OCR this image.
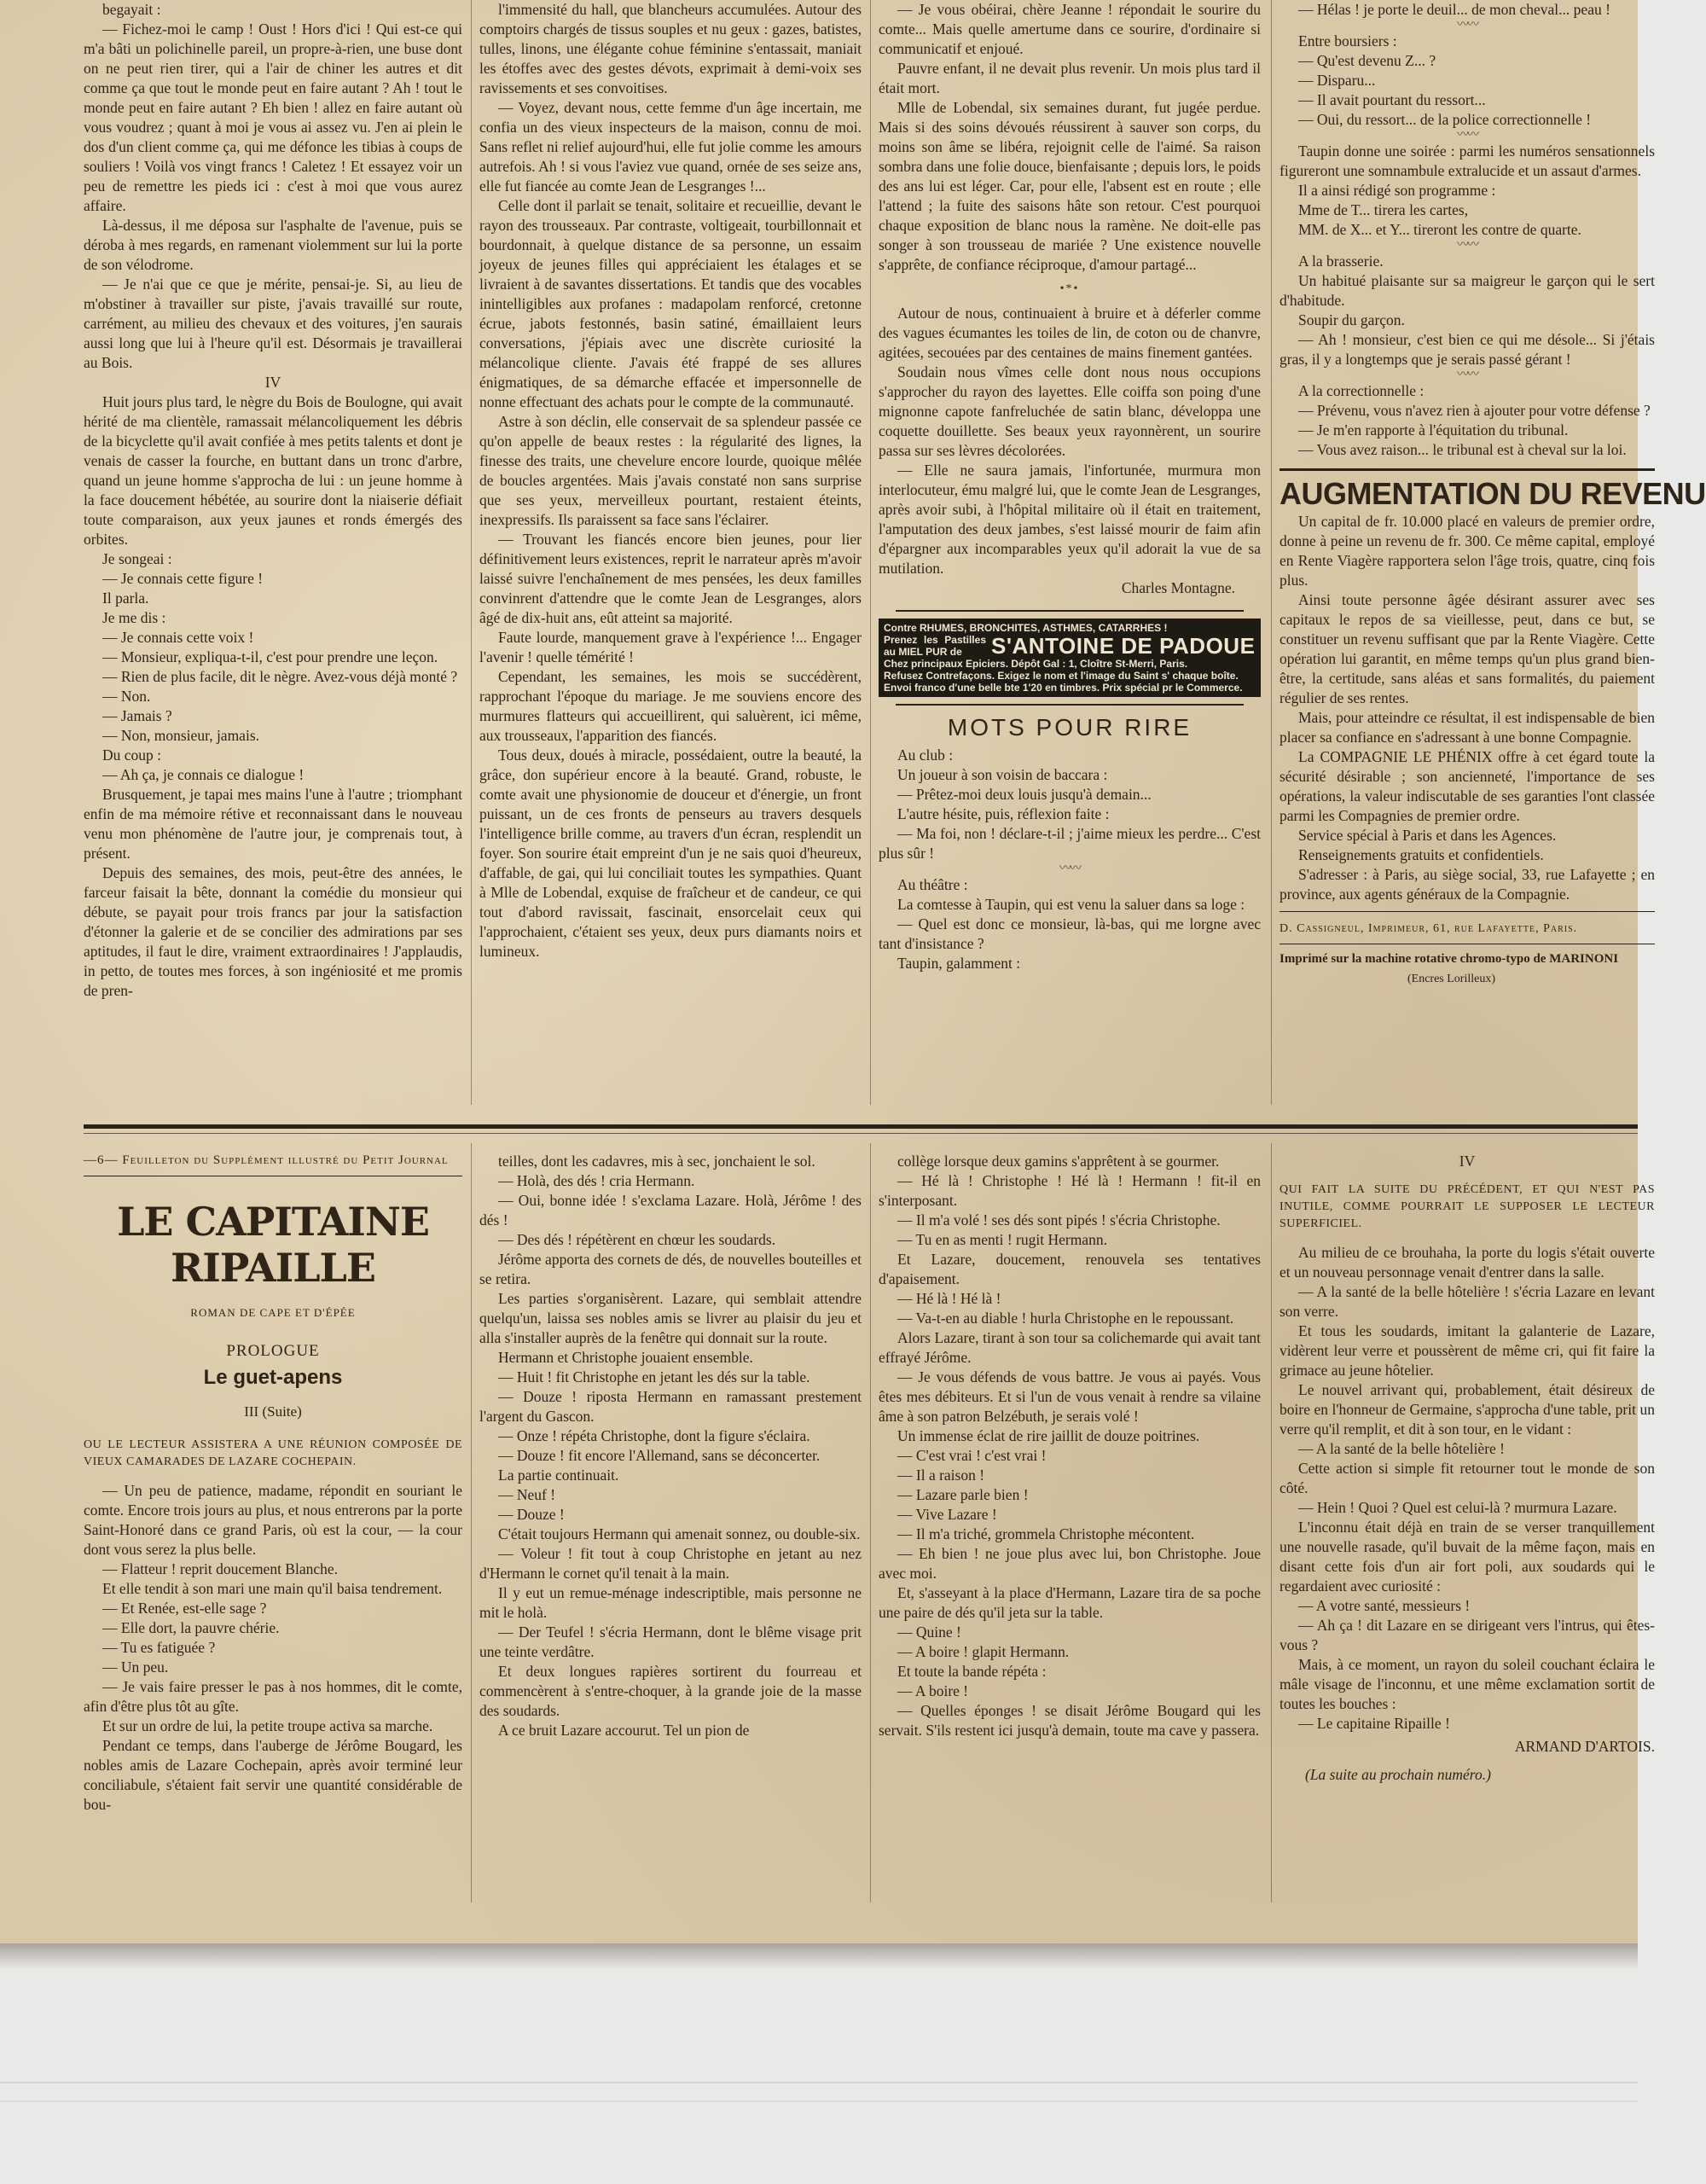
begayait :

— Fichez-moi le camp ! Oust ! Hors d'ici ! Qui est-ce qui m'a bâti un polichinelle pareil, un propre-à-rien, une buse dont on ne peut rien tirer, qui a l'air de chiner les autres et dit comme ça que tout le monde peut en faire autant ? Ah ! tout le monde peut en faire autant ? Eh bien ! allez en faire autant où vous voudrez ; quant à moi je vous ai assez vu. J'en ai plein le dos d'un client comme ça, qui me défonce les tibias à coups de souliers ! Voilà vos vingt francs ! Caletez ! Et essayez voir un peu de remettre les pieds ici : c'est à moi que vous aurez affaire.

Là-dessus, il me déposa sur l'asphalte de l'avenue, puis se déroba à mes regards, en ramenant violemment sur lui la porte de son vélodrome.

— Je n'ai que ce que je mérite, pensai-je. Si, au lieu de m'obstiner à travailler sur piste, j'avais travaillé sur route, carrément, au milieu des chevaux et des voitures, j'en saurais aussi long que lui à l'heure qu'il est. Désormais je travaillerai au Bois.

IV

Huit jours plus tard, le nègre du Bois de Boulogne, qui avait hérité de ma clientèle, ramassait mélancoliquement les débris de la bicyclette qu'il avait confiée à mes petits talents et dont je venais de casser la fourche, en buttant dans un tronc d'arbre, quand un jeune homme s'approcha de lui : un jeune homme à la face doucement hébétée, au sourire dont la niaiserie défiait toute comparaison, aux yeux jaunes et ronds émergés des orbites.

Je songeai :

— Je connais cette figure !

Il parla.

Je me dis :

— Je connais cette voix !

— Monsieur, expliqua-t-il, c'est pour prendre une leçon.

— Rien de plus facile, dit le nègre. Avez-vous déjà monté ?

— Non.

— Jamais ?

— Non, monsieur, jamais.

Du coup :

— Ah ça, je connais ce dialogue !

Brusquement, je tapai mes mains l'une à l'autre ; triomphant enfin de ma mémoire rétive et reconnaissant dans le nouveau venu mon phénomène de l'autre jour, je comprenais tout, à présent.

Depuis des semaines, des mois, peut-être des années, le farceur faisait la bête, donnant la comédie du monsieur qui débute, se payait pour trois francs par jour la satisfaction d'étonner la galerie et de se concilier des admirations par ses aptitudes, il faut le dire, vraiment extraordinaires ! J'applaudis, in petto, de toutes mes forces, à son ingéniosité et me promis de pren-

l'immensité du hall, que blancheurs accumulées. Autour des comptoirs chargés de tissus souples et nu geux : gazes, batistes, tulles, linons, une élégante cohue féminine s'entassait, maniait les étoffes avec des gestes dévots, exprimait à demi-voix ses ravissements et ses convoitises.

— Voyez, devant nous, cette femme d'un âge incertain, me confia un des vieux inspecteurs de la maison, connu de moi. Sans reflet ni relief aujourd'hui, elle fut jolie comme les amours autrefois. Ah ! si vous l'aviez vue quand, ornée de ses seize ans, elle fut fiancée au comte Jean de Lesgranges !...

Celle dont il parlait se tenait, solitaire et recueillie, devant le rayon des trousseaux. Par contraste, voltigeait, tourbillonnait et bourdonnait, à quelque distance de sa personne, un essaim joyeux de jeunes filles qui appréciaient les étalages et se livraient à de savantes dissertations. Et tandis que des vocables inintelligibles aux profanes : madapolam renforcé, cretonne écrue, jabots festonnés, basin satiné, émaillaient leurs conversations, j'épiais avec une discrète curiosité la mélancolique cliente. J'avais été frappé de ses allures énigmatiques, de sa démarche effacée et impersonnelle de nonne effectuant des achats pour le compte de la communauté.

Astre à son déclin, elle conservait de sa splendeur passée ce qu'on appelle de beaux restes : la régularité des lignes, la finesse des traits, une chevelure encore lourde, quoique mêlée de boucles argentées. Mais j'avais constaté non sans surprise que ses yeux, merveilleux pourtant, restaient éteints, inexpressifs. Ils paraissent sa face sans l'éclairer.

— Trouvant les fiancés encore bien jeunes, pour lier définitivement leurs existences, reprit le narrateur après m'avoir laissé suivre l'enchaînement de mes pensées, les deux familles convinrent d'attendre que le comte Jean de Lesgranges, alors âgé de dix-huit ans, eût atteint sa majorité.

Faute lourde, manquement grave à l'expérience !... Engager l'avenir ! quelle témérité !

Cependant, les semaines, les mois se succédèrent, rapprochant l'époque du mariage. Je me souviens encore des murmures flatteurs qui accueillirent, qui saluèrent, ici même, aux trousseaux, l'apparition des fiancés.

Tous deux, doués à miracle, possédaient, outre la beauté, la grâce, don supérieur encore à la beauté. Grand, robuste, le comte avait une physionomie de douceur et d'énergie, un front puissant, un de ces fronts de penseurs au travers desquels l'intelligence brille comme, au travers d'un écran, resplendit un foyer. Son sourire était empreint d'un je ne sais quoi d'heureux, d'affable, de gai, qui lui conciliait toutes les sympathies. Quant à Mlle de Lobendal, exquise de fraîcheur et de candeur, ce qui tout d'abord ravissait, fascinait, ensorcelait ceux qui l'approchaient, c'étaient ses yeux, deux purs diamants noirs et lumineux.

— Je vous obéirai, chère Jeanne ! répondait le sourire du comte... Mais quelle amertume dans ce sourire, d'ordinaire si communicatif et enjoué.

Pauvre enfant, il ne devait plus revenir. Un mois plus tard il était mort.

Mlle de Lobendal, six semaines durant, fut jugée perdue. Mais si des soins dévoués réussirent à sauver son corps, du moins son âme se libéra, rejoignit celle de l'aimé. Sa raison sombra dans une folie douce, bienfaisante ; depuis lors, le poids des ans lui est léger. Car, pour elle, l'absent est en route ; elle l'attend ; la fuite des saisons hâte son retour. C'est pourquoi chaque exposition de blanc nous la ramène. Ne doit-elle pas songer à son trousseau de mariée ? Une existence nouvelle s'apprête, de confiance réciproque, d'amour partagé...

•*•

Autour de nous, continuaient à bruire et à déferler comme des vagues écumantes les toiles de lin, de coton ou de chanvre, agitées, secouées par des centaines de mains finement gantées.

Soudain nous vîmes celle dont nous nous occupions s'approcher du rayon des layettes. Elle coiffa son poing d'une mignonne capote fanfreluchée de satin blanc, développa une coquette douillette. Ses beaux yeux rayonnèrent, un sourire passa sur ses lèvres décolorées.

— Elle ne saura jamais, l'infortunée, murmura mon interlocuteur, ému malgré lui, que le comte Jean de Lesgranges, après avoir subi, à l'hôpital militaire où il était en traitement, l'amputation des deux jambes, s'est laissé mourir de faim afin d'épargner aux incomparables yeux qu'il adorait la vue de sa mutilation.

Charles Montagne.

Contre RHUMES, BRONCHITES, ASTHMES, CATARRHES !
Prenez les Pastilles au MIEL PUR de	S'ANTOINE DE PADOUE
Chez principaux Epiciers. Dépôt Gal : 1, Cloître St-Merri, Paris.
Refusez Contrefaçons. Exigez le nom et l'image du Saint s' chaque boîte.
Envoi franco d'une belle bte 1'20 en timbres. Prix spécial pr le Commerce.
MOTS POUR RIRE

Au club :

Un joueur à son voisin de baccara :

— Prêtez-moi deux louis jusqu'à demain...

L'autre hésite, puis, réflexion faite :

— Ma foi, non ! déclare-t-il ; j'aime mieux les perdre... C'est plus sûr !

〰〰

Au théâtre :

La comtesse à Taupin, qui est venu la saluer dans sa loge :

— Quel est donc ce monsieur, là-bas, qui me lorgne avec tant d'insistance ?

Taupin, galamment :

— Hélas ! je porte le deuil... de mon cheval... peau !

〰〰

Entre boursiers :

— Qu'est devenu Z... ?

— Disparu...

— Il avait pourtant du ressort...

— Oui, du ressort... de la police correctionnelle !

〰〰

Taupin donne une soirée : parmi les numéros sensationnels figureront une somnambule extralucide et un assaut d'armes.

Il a ainsi rédigé son programme :

Mme de T... tirera les cartes,

MM. de X... et Y... tireront les contre de quarte.

〰〰

A la brasserie.

Un habitué plaisante sur sa maigreur le garçon qui le sert d'habitude.

Soupir du garçon.

— Ah ! monsieur, c'est bien ce qui me désole... Si j'étais gras, il y a longtemps que je serais passé gérant !

〰〰

A la correctionnelle :

— Prévenu, vous n'avez rien à ajouter pour votre défense ?

— Je m'en rapporte à l'équitation du tribunal.

— Vous avez raison... le tribunal est à cheval sur la loi.

AUGMENTATION DU REVENU

Un capital de fr. 10.000 placé en valeurs de premier ordre, donne à peine un revenu de fr. 300. Ce même capital, employé en Rente Viagère rapportera selon l'âge trois, quatre, cinq fois plus.

Ainsi toute personne âgée désirant assurer avec ses capitaux le repos de sa vieillesse, peut, dans ce but, se constituer un revenu suffisant que par la Rente Viagère. Cette opération lui garantit, en même temps qu'un plus grand bien-être, la certitude, sans aléas et sans formalités, du paiement régulier de ses rentes.

Mais, pour atteindre ce résultat, il est indispensable de bien placer sa confiance en s'adressant à une bonne Compagnie.

La COMPAGNIE LE PHÉNIX offre à cet égard toute la sécurité désirable ; son ancienneté, l'importance de ses opérations, la valeur indiscutable de ses garanties l'ont classée parmi les Compagnies de premier ordre.

Service spécial à Paris et dans les Agences.

Renseignements gratuits et confidentiels.

S'adresser : à Paris, au siège social, 33, rue Lafayette ; en province, aux agents généraux de la Compagnie.

D. Cassigneul, Imprimeur, 61, rue Lafayette, Paris.

Imprimé sur la machine rotative chromo-typo de MARINONI

(Encres Lorilleux)

—6— Feuilleton du Supplément illustré du Petit Journal

LE CAPITAINE RIPAILLE
ROMAN DE CAPE ET D'ÉPÉE
PROLOGUE
Le guet-apens
III (Suite)

OU LE LECTEUR ASSISTERA A UNE RÉUNION COMPOSÉE DE VIEUX CAMARADES DE LAZARE COCHEPAIN.

— Un peu de patience, madame, répondit en souriant le comte. Encore trois jours au plus, et nous entrerons par la porte Saint-Honoré dans ce grand Paris, où est la cour, — la cour dont vous serez la plus belle.

— Flatteur ! reprit doucement Blanche.

Et elle tendit à son mari une main qu'il baisa tendrement.

— Et Renée, est-elle sage ?

— Elle dort, la pauvre chérie.

— Tu es fatiguée ?

— Un peu.

— Je vais faire presser le pas à nos hommes, dit le comte, afin d'être plus tôt au gîte.

Et sur un ordre de lui, la petite troupe activa sa marche.

Pendant ce temps, dans l'auberge de Jérôme Bougard, les nobles amis de Lazare Cochepain, après avoir terminé leur conciliabule, s'étaient fait servir une quantité considérable de bou-

teilles, dont les cadavres, mis à sec, jonchaient le sol.

— Holà, des dés ! cria Hermann.

— Oui, bonne idée ! s'exclama Lazare. Holà, Jérôme ! des dés !

— Des dés ! répétèrent en chœur les soudards.

Jérôme apporta des cornets de dés, de nouvelles bouteilles et se retira.

Les parties s'organisèrent. Lazare, qui semblait attendre quelqu'un, laissa ses nobles amis se livrer au plaisir du jeu et alla s'installer auprès de la fenêtre qui donnait sur la route.

Hermann et Christophe jouaient ensemble.

— Huit ! fit Christophe en jetant les dés sur la table.

— Douze ! riposta Hermann en ramassant prestement l'argent du Gascon.

— Onze ! répéta Christophe, dont la figure s'éclaira.

— Douze ! fit encore l'Allemand, sans se déconcerter.

La partie continuait.

— Neuf !

— Douze !

C'était toujours Hermann qui amenait sonnez, ou double-six.

— Voleur ! fit tout à coup Christophe en jetant au nez d'Hermann le cornet qu'il tenait à la main.

Il y eut un remue-ménage indescriptible, mais personne ne mit le holà.

— Der Teufel ! s'écria Hermann, dont le blême visage prit une teinte verdâtre.

Et deux longues rapières sortirent du fourreau et commencèrent à s'entre-choquer, à la grande joie de la masse des soudards.

A ce bruit Lazare accourut. Tel un pion de

collège lorsque deux gamins s'apprêtent à se gourmer.

— Hé là ! Christophe ! Hé là ! Hermann ! fit-il en s'interposant.

— Il m'a volé ! ses dés sont pipés ! s'écria Christophe.

— Tu en as menti ! rugit Hermann.

Et Lazare, doucement, renouvela ses tentatives d'apaisement.

— Hé là ! Hé là !

— Va-t-en au diable ! hurla Christophe en le repoussant.

Alors Lazare, tirant à son tour sa colichemarde qui avait tant effrayé Jérôme.

— Je vous défends de vous battre. Je vous ai payés. Vous êtes mes débiteurs. Et si l'un de vous venait à rendre sa vilaine âme à son patron Belzébuth, je serais volé !

Un immense éclat de rire jaillit de douze poitrines.

— C'est vrai ! c'est vrai !

— Il a raison !

— Lazare parle bien !

— Vive Lazare !

— Il m'a triché, grommela Christophe mécontent.

— Eh bien ! ne joue plus avec lui, bon Christophe. Joue avec moi.

Et, s'asseyant à la place d'Hermann, Lazare tira de sa poche une paire de dés qu'il jeta sur la table.

— Quine !

— A boire ! glapit Hermann.

Et toute la bande répéta :

— A boire !

— Quelles éponges ! se disait Jérôme Bougard qui les servait. S'ils restent ici jusqu'à demain, toute ma cave y passera.

IV

QUI FAIT LA SUITE DU PRÉCÉDENT, ET QUI N'EST PAS INUTILE, COMME POURRAIT LE SUPPOSER LE LECTEUR SUPERFICIEL.

Au milieu de ce brouhaha, la porte du logis s'était ouverte et un nouveau personnage venait d'entrer dans la salle.

— A la santé de la belle hôtelière ! s'écria Lazare en levant son verre.

Et tous les soudards, imitant la galanterie de Lazare, vidèrent leur verre et poussèrent de même cri, qui fit faire la grimace au jeune hôtelier.

Le nouvel arrivant qui, probablement, était désireux de boire en l'honneur de Germaine, s'approcha d'une table, prit un verre qu'il remplit, et dit à son tour, en le vidant :

— A la santé de la belle hôtelière !

Cette action si simple fit retourner tout le monde de son côté.

— Hein ! Quoi ? Quel est celui-là ? murmura Lazare.

L'inconnu était déjà en train de se verser tranquillement une nouvelle rasade, qu'il buvait de la même façon, mais en disant cette fois d'un air fort poli, aux soudards qui le regardaient avec curiosité :

— A votre santé, messieurs !

— Ah ça ! dit Lazare en se dirigeant vers l'intrus, qui êtes-vous ?

Mais, à ce moment, un rayon du soleil couchant éclaira le mâle visage de l'inconnu, et une même exclamation sortit de toutes les bouches :

— Le capitaine Ripaille !

ARMAND D'ARTOIS.

(La suite au prochain numéro.)
